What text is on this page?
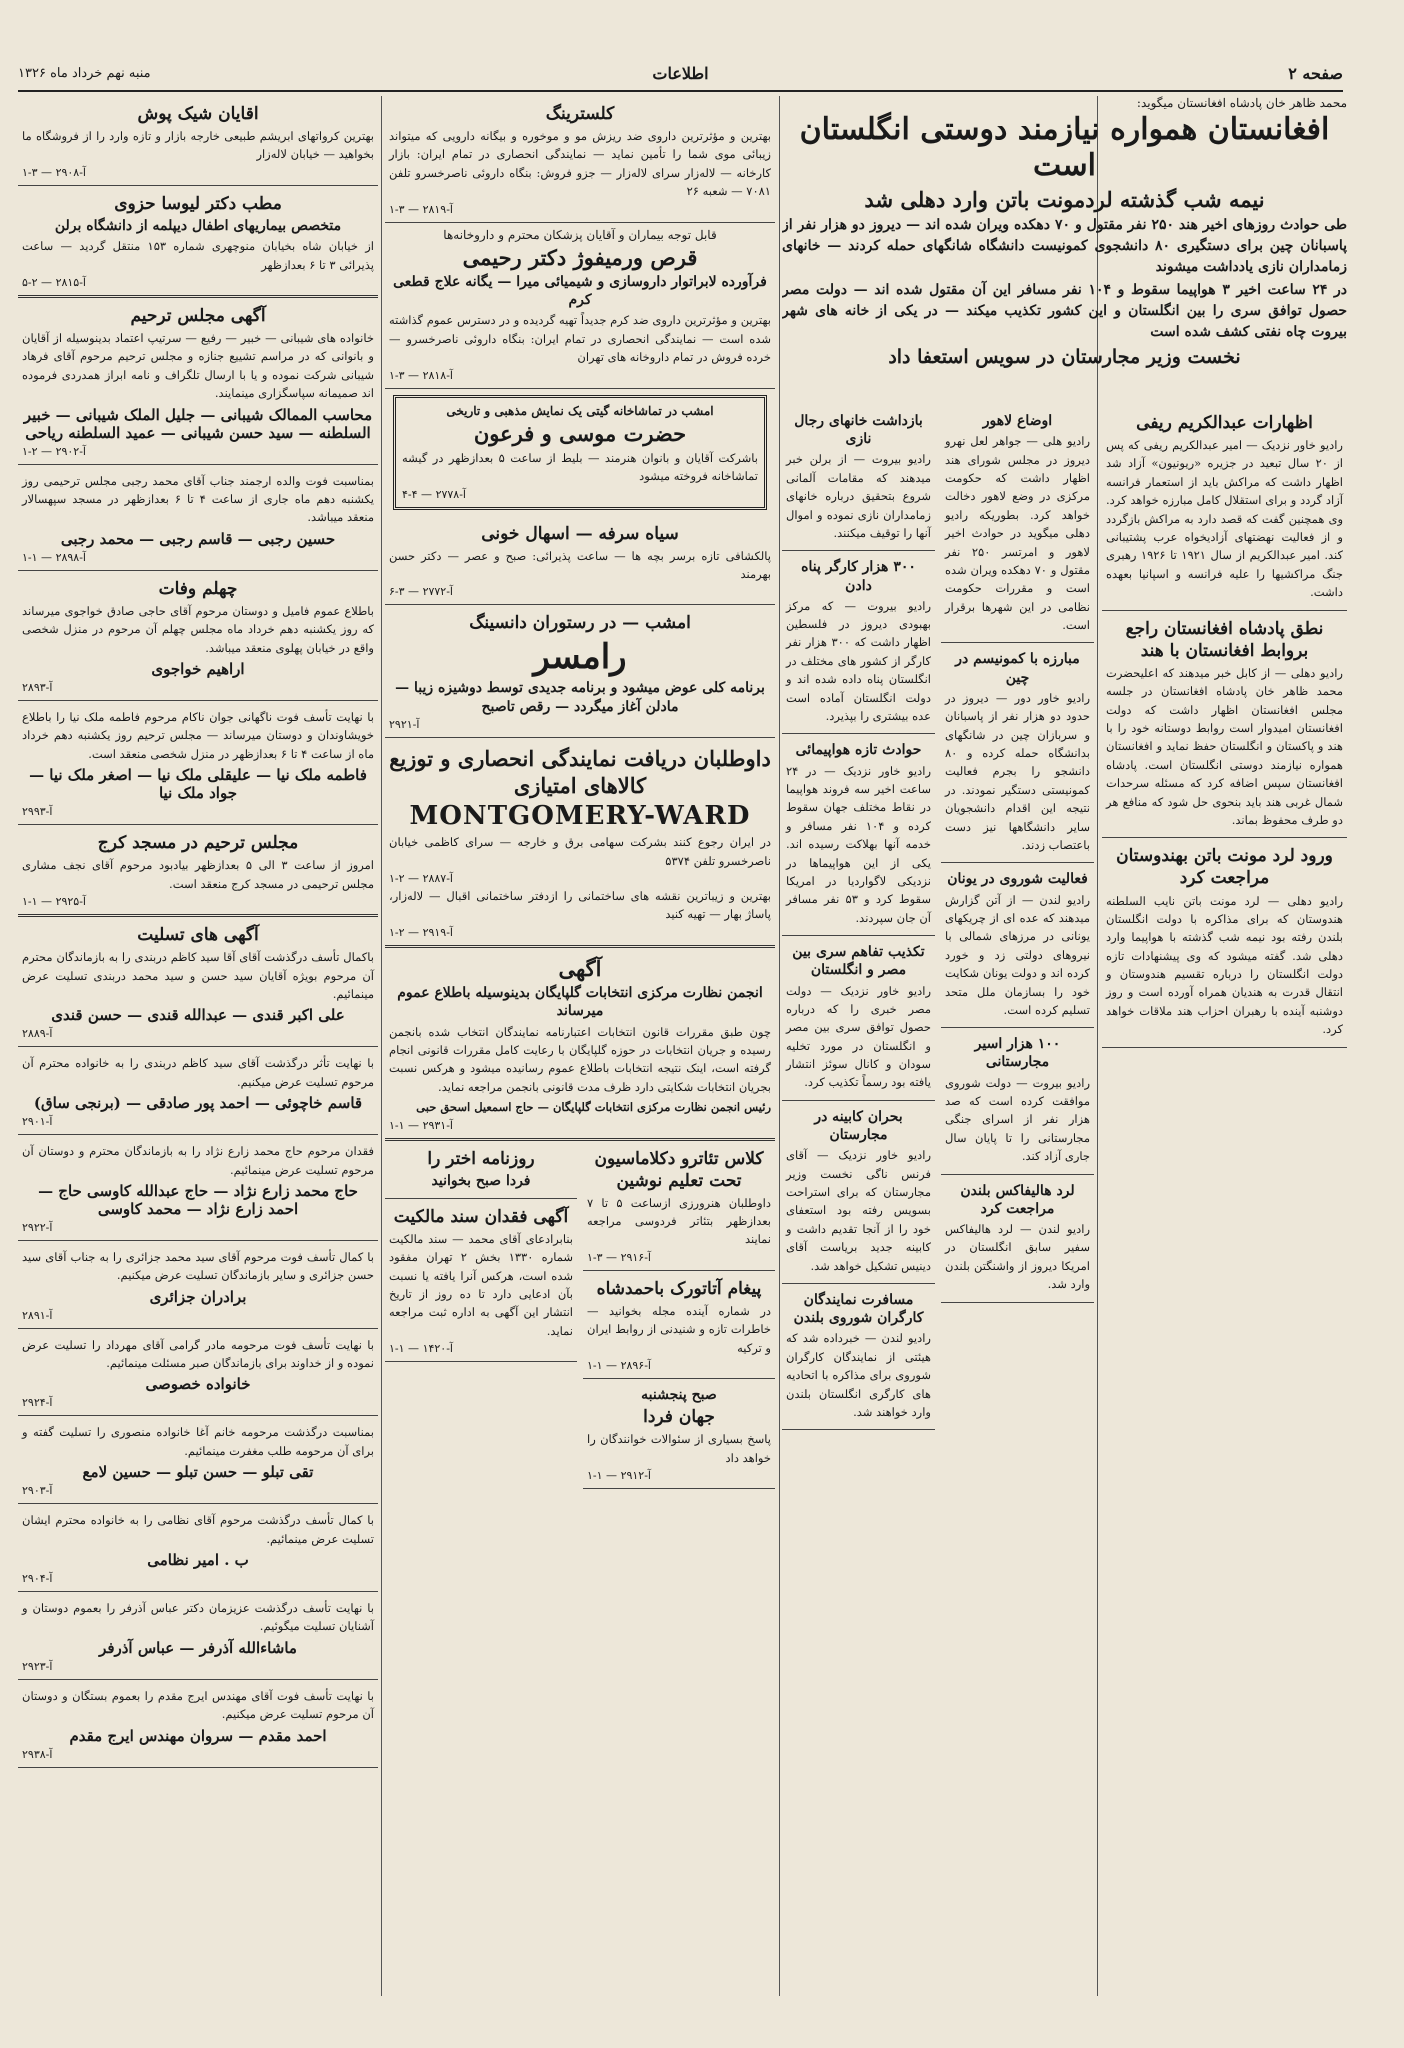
صفحه ۲
اطلاعات
منبه نهم خرداد ماه ۱۳۲۶
محمد ظاهر خان پادشاه افغانستان میگوید:
افغانستان همواره نیازمند دوستی انگلستان است
نیمه شب گذشته لردمونت باتن وارد دهلی شد

طی حوادث روزهای اخیر هند ۲۵۰ نفر مقتول و ۷۰ دهکده ویران شده اند — دیروز دو هزار نفر از پاسبانان چین برای دستگیری ۸۰ دانشجوی کمونیست دانشگاه شانگهای حمله کردند — خانهای زمامداران نازی یادداشت میشوند

در ۲۴ ساعت اخیر ۳ هواپیما سقوط و ۱۰۴ نفر مسافر این آن مقتول شده اند — دولت مصر حصول توافق سری را بین انگلستان و این کشور تکذیب میکند — در یکی از خانه های شهر بیروت چاه نفتی کشف شده است

نخست وزیر مجارستان در سویس استعفا داد
اظهارات عبدالکریم ریفی

رادیو خاور نزدیک — امیر عبدالکریم ریفی که پس از ۲۰ سال تبعید در جزیره «ریونیون» آزاد شد اظهار داشت که مراکش باید از استعمار فرانسه آزاد گردد و برای استقلال کامل مبارزه خواهد کرد. وی همچنین گفت که قصد دارد به مراکش بازگردد و از فعالیت نهضتهای آزادیخواه عرب پشتیبانی کند. امیر عبدالکریم از سال ۱۹۲۱ تا ۱۹۲۶ رهبری جنگ مراکشیها را علیه فرانسه و اسپانیا بعهده داشت.

نطق پادشاه افغانستان راجع بروابط افغانستان با هند

رادیو دهلی — از کابل خبر میدهند که اعلیحضرت محمد ظاهر خان پادشاه افغانستان در جلسه مجلس افغانستان اظهار داشت که دولت افغانستان امیدوار است روابط دوستانه خود را با هند و پاکستان و انگلستان حفظ نماید و افغانستان همواره نیازمند دوستی انگلستان است. پادشاه افغانستان سپس اضافه کرد که مسئله سرحدات شمال غربی هند باید بنحوی حل شود که منافع هر دو طرف محفوظ بماند.

ورود لرد مونت باتن بهندوستان مراجعت کرد

رادیو دهلی — لرد مونت باتن نایب السلطنه هندوستان که برای مذاکره با دولت انگلستان بلندن رفته بود نیمه شب گذشته با هواپیما وارد دهلی شد. گفته میشود که وی پیشنهادات تازه دولت انگلستان را درباره تقسیم هندوستان و انتقال قدرت به هندیان همراه آورده است و روز دوشنبه آینده با رهبران احزاب هند ملاقات خواهد کرد.

اوضاع لاهور

رادیو هلی — جواهر لعل نهرو دیروز در مجلس شورای هند اظهار داشت که حکومت مرکزی در وضع لاهور دخالت خواهد کرد. بطوریکه رادیو دهلی میگوید در حوادث اخیر لاهور و امرتسر ۲۵۰ نفر مقتول و ۷۰ دهکده ویران شده است و مقررات حکومت نظامی در این شهرها برقرار است.

مبارزه با کمونیسم در چین

رادیو خاور دور — دیروز در حدود دو هزار نفر از پاسبانان و سربازان چین در شانگهای بدانشگاه حمله کرده و ۸۰ دانشجو را بجرم فعالیت کمونیستی دستگیر نمودند. در نتیجه این اقدام دانشجویان سایر دانشگاهها نیز دست باعتصاب زدند.

فعالیت شوروی در یونان

رادیو لندن — از آتن گزارش میدهند که عده ای از چریکهای یونانی در مرزهای شمالی با نیروهای دولتی زد و خورد کرده اند و دولت یونان شکایت خود را بسازمان ملل متحد تسلیم کرده است.

۱۰۰ هزار اسیر مجارستانی

رادیو بیروت — دولت شوروی موافقت کرده است که صد هزار نفر از اسرای جنگی مجارستانی را تا پایان سال جاری آزاد کند.

لرد هالیفاکس بلندن مراجعت کرد

رادیو لندن — لرد هالیفاکس سفیر سابق انگلستان در امریکا دیروز از واشنگتن بلندن وارد شد.

بازداشت خانهای رجال نازی

رادیو بیروت — از برلن خبر میدهند که مقامات آلمانی شروع بتحقیق درباره خانهای زمامداران نازی نموده و اموال آنها را توقیف میکنند.

۳۰۰ هزار کارگر پناه دادن

رادیو بیروت — که مرکز بهبودی دیروز در فلسطین اظهار داشت که ۳۰۰ هزار نفر کارگر از کشور های مختلف در انگلستان پناه داده شده اند و دولت انگلستان آماده است عده بیشتری را بپذیرد.

حوادث تازه هواپیمائی

رادیو خاور نزدیک — در ۲۴ ساعت اخیر سه فروند هواپیما در نقاط مختلف جهان سقوط کرده و ۱۰۴ نفر مسافر و خدمه آنها بهلاکت رسیده اند. یکی از این هواپیماها در نزدیکی لاگوارديا در امریکا سقوط کرد و ۵۳ نفر مسافر آن جان سپردند.

تکذیب تفاهم سری بین مصر و انگلستان

رادیو خاور نزدیک — دولت مصر خبری را که درباره حصول توافق سری بین مصر و انگلستان در مورد تخلیه سودان و کانال سوئز انتشار یافته بود رسماً تکذیب کرد.

بحران کابینه در مجارستان

رادیو خاور نزدیک — آقای فرنس ناگی نخست وزیر مجارستان که برای استراحت بسویس رفته بود استعفای خود را از آنجا تقدیم داشت و کابینه جدید بریاست آقای دینیس تشکیل خواهد شد.

مسافرت نمایندگان کارگران شوروی بلندن

رادیو لندن — خبرداده شد که هیئتی از نمایندگان کارگران شوروی برای مذاکره با اتحادیه های کارگری انگلستان بلندن وارد خواهند شد.

کلسترینگ

بهترین و مؤثرترین داروی ضد ریزش مو و موخوره و بیگانه دارویی که میتواند زیبائی موی شما را تأمین نماید — نمایندگی انحصاری در تمام ایران: بازار کارخانه — لاله‌زار سرای لاله‌زار — جزو فروش: بنگاه داروئی ناصرخسرو تلفن ۷۰۸۱ — شعبه ۲۶

آ-۲۸۱۹ — ۳-۱
قابل توجه بیماران و آقایان پزشکان محترم و داروخانه‌ها
قرص ورمیفوژ دکتر رحیمی
فرآورده لابراتوار داروسازی و شیمیائی میرا — یگانه علاج قطعی کرم

بهترین و مؤثرترین داروی ضد کرم جدیداً تهیه گردیده و در دسترس عموم گذاشته شده است — نمایندگی انحصاری در تمام ایران: بنگاه داروئی ناصرخسرو — خرده فروش در تمام داروخانه های تهران

آ-۲۸۱۸ — ۳-۱
امشب در تماشاخانه گیتی یک نمایش مذهبی و تاریخی
حضرت موسی و فرعون

باشرکت آقایان و بانوان هنرمند — بلیط از ساعت ۵ بعدازظهر در گیشه تماشاخانه فروخته میشود

آ-۲۷۷۸ — ۴-۴
سیاه سرفه — اسهال خونی

پالکشافی تازه برسر بچه ها — ساعت پذیرائی: صبح و عصر — دکتر حسن بهرمند

آ-۲۷۷۲ — ۳-۶
امشب — در رستوران دانسینگ
رامسر
برنامه کلی عوض میشود و برنامه جدیدی توسط دوشیزه زیبا — مادلن آغاز میگردد — رقص تاصبح
آ-۲۹۲۱
داوطلبان دریافت نمایندگی انحصاری و توزیع کالاهای امتیازی
MONTGOMERY-WARD

در ایران رجوع کنند بشرکت سهامی برق و خارجه — سرای کاظمی خیابان ناصرخسرو تلفن ۵۳۷۴

آ-۲۸۸۷ — ۲-۱

بهترین و زیباترین نقشه های ساختمانی را ازدفتر ساختمانی اقبال — لاله‌زار، پاساژ بهار — تهیه کنید

آ-۲۹۱۹ — ۲-۱
آگهی
انجمن نظارت مرکزی انتخابات گلپایگان بدینوسیله باطلاع عموم میرساند

چون طبق مقررات قانون انتخابات اعتبارنامه نمایندگان انتخاب شده بانجمن رسیده و جریان انتخابات در حوزه گلپایگان با رعایت کامل مقررات قانونی انجام گرفته است، اینک نتیجه انتخابات باطلاع عموم رسانیده میشود و هرکس نسبت بجریان انتخابات شکایتی دارد ظرف مدت قانونی بانجمن مراجعه نماید.

رئیس انجمن نظارت مرکزی انتخابات گلپایگان — حاج اسمعیل اسحق حبی

آ-۲۹۳۱ — ۱-۱
کلاس تئاترو دکلاماسیون تحت تعلیم نوشین

داوطلبان هنرورزی ازساعت ۵ تا ۷ بعدازظهر بتئاتر فردوسی مراجعه نمایند

آ-۲۹۱۶ — ۳-۱
پیغام آتاتورک باحمدشاه

در شماره آینده مجله بخوانید — خاطرات تازه و شنیدنی از روابط ایران و ترکیه

آ-۲۸۹۶ — ۱-۱
صبح پنجشنبه
جهان فردا

پاسخ بسیاری از سئوالات خوانندگان را خواهد داد

آ-۲۹۱۲ — ۱-۱
روزنامه اختر را
فردا صبح بخوانید
آگهی فقدان سند مالکیت

بنابرادعای آقای محمد — سند مالکیت شماره ۱۳۳۰ بخش ۲ تهران مفقود شده است، هرکس آنرا یافته یا نسبت بآن ادعایی دارد تا ده روز از تاریخ انتشار این آگهی به اداره ثبت مراجعه نماید.

آ-۱۴۲۰ — ۱-۱
اقایان شیک پوش

بهترین کرواتهای ابریشم طبیعی خارجه بازار و تازه وارد را از فروشگاه ما بخواهید — خیابان لاله‌زار

آ-۲۹۰۸ — ۳-۱
مطب دکتر لیوسا حزوی
متخصص بیماریهای اطفال دیپلمه از دانشگاه برلن

از خیابان شاه بخیابان منوچهری شماره ۱۵۳ منتقل گردید — ساعت پذیرائی ۳ تا ۶ بعدازظهر

آ-۲۸۱۵ — ۲-۵
آگهی مجلس ترحیم

خانواده های شیبانی — خبیر — رفیع — سرتیپ اعتماد بدینوسیله از آقایان و بانوانی که در مراسم تشییع جنازه و مجلس ترحیم مرحوم آقای فرهاد شیبانی شرکت نموده و یا با ارسال تلگراف و نامه ابراز همدردی فرموده اند صمیمانه سپاسگزاری مینمایند.

محاسب الممالک شیبانی — جلیل الملک شیبانی — خبیر السلطنه — سید حسن شیبانی — عمید السلطنه ریاحی
آ-۲۹۰۲ — ۲-۱

بمناسبت فوت والده ارجمند جناب آقای محمد رجبی مجلس ترحیمی روز یکشنبه دهم ماه جاری از ساعت ۴ تا ۶ بعدازظهر در مسجد سپهسالار منعقد میباشد.

حسین رجبی — قاسم رجبی — محمد رجبی
آ-۲۸۹۸ — ۱-۱
چهلم وفات

باطلاع عموم فامیل و دوستان مرحوم آقای حاجی صادق خواجوی میرساند که روز یکشنبه دهم خرداد ماه مجلس چهلم آن مرحوم در منزل شخصی واقع در خیابان پهلوی منعقد میباشد.

اراهیم خواجوی
آ-۲۸۹۳

با نهایت تأسف فوت ناگهانی جوان ناکام مرحوم فاطمه ملک نیا را باطلاع خویشاوندان و دوستان میرساند — مجلس ترحیم روز یکشنبه دهم خرداد ماه از ساعت ۴ تا ۶ بعدازظهر در منزل شخصی منعقد است.

فاطمه ملک نیا — علیقلی ملک نیا — اصغر ملک نیا — جواد ملک نیا
آ-۲۹۹۳
مجلس ترحیم در مسجد کرج

امروز از ساعت ۳ الی ۵ بعدازظهر بیادبود مرحوم آقای نجف مشاری مجلس ترحیمی در مسجد کرج منعقد است.

آ-۲۹۲۵ — ۱-۱
آگهی های تسلیت

باکمال تأسف درگذشت آقای آقا سید کاظم دربندی را به بازماندگان محترم آن مرحوم بویژه آقایان سید حسن و سید محمد دربندی تسلیت عرض مینمائیم.

علی اکبر قندی — عبدالله قندی — حسن قندی
آ-۲۸۸۹

با نهایت تأثر درگذشت آقای سید کاظم دربندی را به خانواده محترم آن مرحوم تسلیت عرض میکنیم.

قاسم خاچوئی — احمد پور صادقی — (برنجی ساق)
آ-۲۹۰۱

فقدان مرحوم حاج محمد زارع نژاد را به بازماندگان محترم و دوستان آن مرحوم تسلیت عرض مینمائیم.

حاج محمد زارع نژاد — حاج عبدالله کاوسی حاج — احمد زارع نژاد — محمد کاوسی
آ-۲۹۲۲

با کمال تأسف فوت مرحوم آقای سید محمد جزائری را به جناب آقای سید حسن جزائری و سایر بازماندگان تسلیت عرض میکنیم.

برادران جزائری
آ-۲۸۹۱

با نهایت تأسف فوت مرحومه مادر گرامی آقای مهرداد را تسلیت عرض نموده و از خداوند برای بازماندگان صبر مسئلت مینمائیم.

خانواده خصوصی
آ-۲۹۲۴

بمناسبت درگذشت مرحومه خانم آغا خانواده منصوری را تسلیت گفته و برای آن مرحومه طلب مغفرت مینمائیم.

تقی تبلو — حسن تبلو — حسین لامع
آ-۲۹۰۳

با کمال تأسف درگذشت مرحوم آقای نظامی را به خانواده محترم ایشان تسلیت عرض مینمائیم.

ب . امیر نظامی
آ-۲۹۰۴

با نهایت تأسف درگذشت عزیزمان دکتر عباس آذرفر را بعموم دوستان و آشنایان تسلیت میگوئیم.

ماشاءالله آذرفر — عباس آذرفر
آ-۲۹۲۳

با نهایت تأسف فوت آقای مهندس ایرج مقدم را بعموم بستگان و دوستان آن مرحوم تسلیت عرض میکنیم.

احمد مقدم — سروان مهندس ایرج مقدم
آ-۲۹۳۸
